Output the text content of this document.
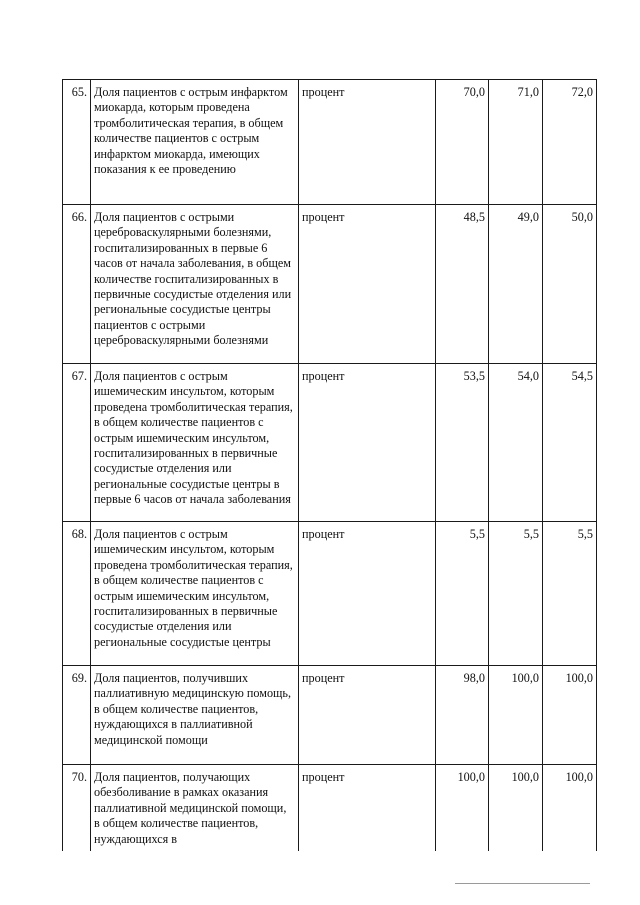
65.	Доля пациентов с острым инфарктом миокарда, которым проведена тромболитическая терапия, в общем количестве пациентов с острым инфарктом миокарда, имеющих показания к ее проведению	процент	70,0	71,0	72,0
66.	Доля пациентов с острыми цереброваскулярными болезнями, госпитализированных в первые 6 часов от начала заболевания, в общем количестве госпитализированных в первичные сосудистые отделения или региональные сосудистые центры пациентов с острыми цереброваскулярными болезнями	процент	48,5	49,0	50,0
67.	Доля пациентов с острым ишемическим инсультом, которым проведена тромболитическая терапия, в общем количестве пациентов с острым ишемическим инсультом, госпитализированных в первичные сосудистые отделения или региональные сосудистые центры в первые 6 часов от начала заболевания	процент	53,5	54,0	54,5
68.	Доля пациентов с острым ишемическим инсультом, которым проведена тромболитическая терапия, в общем количестве пациентов с острым ишемическим инсультом, госпитализированных в первичные сосудистые отделения или региональные сосудистые центры	процент	5,5	5,5	5,5
69.	Доля пациентов, получивших паллиативную медицинскую помощь, в общем количестве пациентов, нуждающихся в паллиативной медицинской помощи	процент	98,0	100,0	100,0
70.	Доля пациентов, получающих обезболивание в рамках оказания паллиативной медицинской помощи, в общем количестве пациентов, нуждающихся в	процент	100,0	100,0	100,0
